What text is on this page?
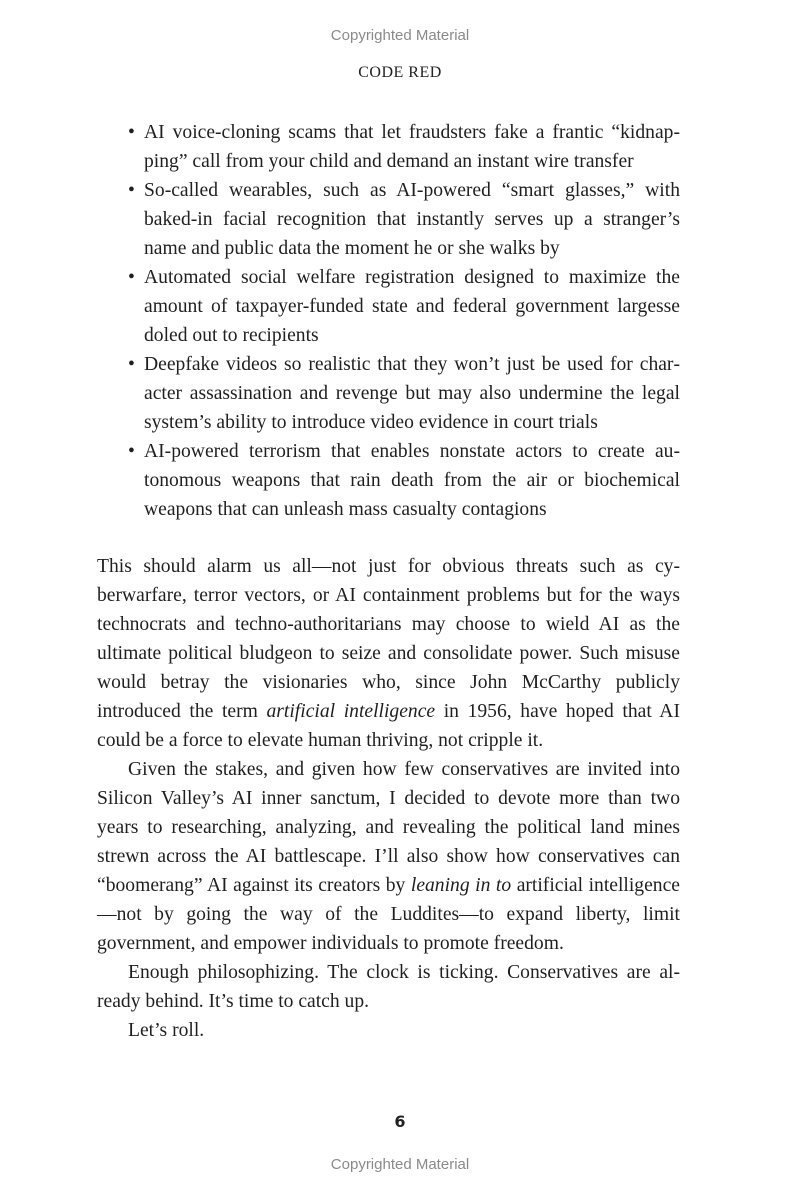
Copyrighted Material
CODE RED
• AI voice-cloning scams that let fraudsters fake a frantic “kidnapping” call from your child and demand an instant wire transfer
• So-called wearables, such as AI-powered “smart glasses,” with baked-in facial recognition that instantly serves up a stranger’s name and public data the moment he or she walks by
• Automated social welfare registration designed to maximize the amount of taxpayer-funded state and federal government largesse doled out to recipients
• Deepfake videos so realistic that they won’t just be used for character assassination and revenge but may also undermine the legal system’s ability to introduce video evidence in court trials
• AI-powered terrorism that enables nonstate actors to create autonomous weapons that rain death from the air or biochemical weapons that can unleash mass casualty contagions

This should alarm us all—not just for obvious threats such as cyberwarfare, terror vectors, or AI containment problems but for the ways technocrats and techno-authoritarians may choose to wield AI as the ultimate political bludgeon to seize and consolidate power. Such misuse would betray the visionaries who, since John McCarthy publicly introduced the term artificial intelligence in 1956, have hoped that AI could be a force to elevate human thriving, not cripple it.

Given the stakes, and given how few conservatives are invited into Silicon Valley’s AI inner sanctum, I decided to devote more than two years to researching, analyzing, and revealing the political land mines strewn across the AI battlescape. I’ll also show how conservatives can “boomerang” AI against its creators by leaning in to artificial intelligence—not by going the way of the Luddites—to expand liberty, limit government, and empower individuals to promote freedom.

Enough philosophizing. The clock is ticking. Conservatives are already behind. It’s time to catch up.

Let’s roll.

6
Copyrighted Material
